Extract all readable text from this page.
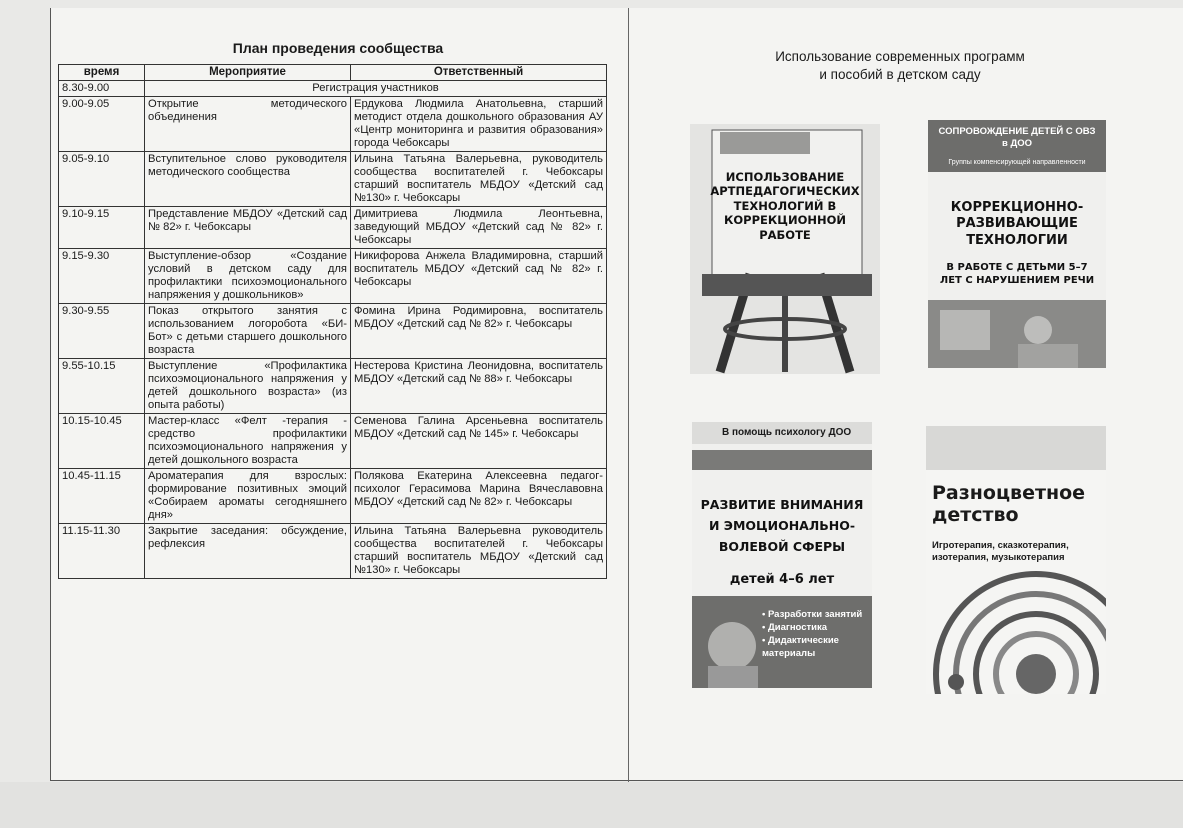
План проведения сообщества
время	Мероприятие	Ответственный
8.30-9.00	Регистрация участников	
9.00-9.05	Открытие методического объединения	Ердукова Людмила Анатольевна, старший методист отдела дошкольного образования АУ «Центр мониторинга и развития образования» города Чебоксары
9.05-9.10	Вступительное слово руководителя методического сообщества	Ильина Татьяна Валерьевна, руководитель сообщества воспитателей г. Чебоксары старший воспитатель МБДОУ «Детский сад №130» г. Чебоксары
9.10-9.15	Представление МБДОУ «Детский сад № 82» г. Чебоксары	Димитриева Людмила Леонтьевна, заведующий МБДОУ «Детский сад № 82» г. Чебоксары
9.15-9.30	Выступление-обзор «Создание условий в детском саду для профилактики психоэмоционального напряжения у дошкольников»	Никифорова Анжела Владимировна, старший воспитатель МБДОУ «Детский сад № 82» г. Чебоксары
9.30-9.55	Показ открытого занятия с использованием логоробота «БИ-Бот» с детьми старшего дошкольного возраста	Фомина Ирина Родимировна, воспитатель МБДОУ «Детский сад № 82» г. Чебоксары
9.55-10.15	Выступление «Профилактика психоэмоционального напряжения у детей дошкольного возраста» (из опыта работы)	Нестерова Кристина Леонидовна, воспитатель МБДОУ «Детский сад № 88» г. Чебоксары
10.15-10.45	Мастер-класс «Фелт -терапия - средство профилактики психоэмоционального напряжения у детей дошкольного возраста	Семенова Галина Арсеньевна воспитатель МБДОУ «Детский сад № 145» г. Чебоксары
10.45-11.15	Ароматерапия для взрослых: формирование позитивных эмоций «Собираем ароматы сегодняшнего дня»	Полякова Екатерина Алексеевна педагог-психолог Герасимова Марина Вячеславовна МБДОУ «Детский сад № 82» г. Чебоксары
11.15-11.30	Закрытие заседания: обсуждение, рефлексия	Ильина Татьяна Валерьевна руководитель сообщества воспитателей г. Чебоксары старший воспитатель МБДОУ «Детский сад №130» г. Чебоксары
Использование современных программ
и пособий в детском саду
ИСПОЛЬЗОВАНИЕ АРТПЕДАГОГИЧЕСКИХ ТЕХНОЛОГИЙ В КОРРЕКЦИОННОЙ РАБОТЕ
СОПРОВОЖДЕНИЕ ДЕТЕЙ С ОВЗ в ДОО
Группы компенсирующей направленности
КОРРЕКЦИОННО-РАЗВИВАЮЩИЕ ТЕХНОЛОГИИ
В РАБОТЕ С ДЕТЬМИ 5–7 ЛЕТ С НАРУШЕНИЕМ РЕЧИ
В помощь психологу ДОО
РАЗВИТИЕ ВНИМАНИЯ И ЭМОЦИОНАЛЬНО-ВОЛЕВОЙ СФЕРЫ
детей 4–6 лет
• Разработки занятий
• Диагностика
• Дидактические материалы
Разноцветное детство
Игротерапия, сказкотерапия, изотерапия, музыкотерапия
